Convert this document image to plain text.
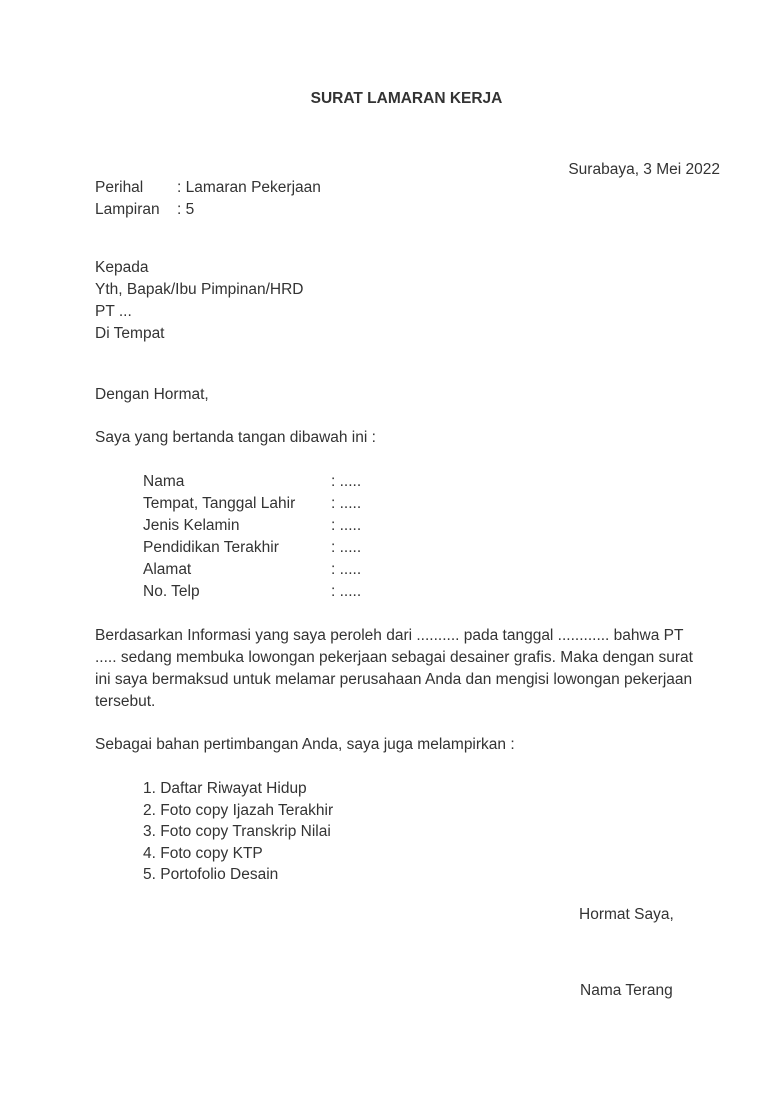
SURAT LAMARAN KERJA
Surabaya, 3 Mei 2022
Perihal : Lamaran Pekerjaan
Lampiran : 5
Kepada
Yth, Bapak/Ibu Pimpinan/HRD
PT ...
Di Tempat
Dengan Hormat,
Saya yang bertanda tangan dibawah ini :
Nama	: .....
Tempat, Tanggal Lahir : .....
Jenis Kelamin	: .....
Pendidikan Terakhir	: .....
Alamat	: .....
No. Telp	: .....
Berdasarkan Informasi yang saya peroleh dari .......... pada tanggal ............ bahwa PT
..... sedang membuka lowongan pekerjaan sebagai desainer grafis. Maka dengan surat
ini saya bermaksud untuk melamar perusahaan Anda dan mengisi lowongan pekerjaan
tersebut.
Sebagai bahan pertimbangan Anda, saya juga melampirkan :
1. Daftar Riwayat Hidup
2. Foto copy Ijazah Terakhir
3. Foto copy Transkrip Nilai
4. Foto copy KTP
5. Portofolio Desain
Hormat Saya,
Nama Terang
